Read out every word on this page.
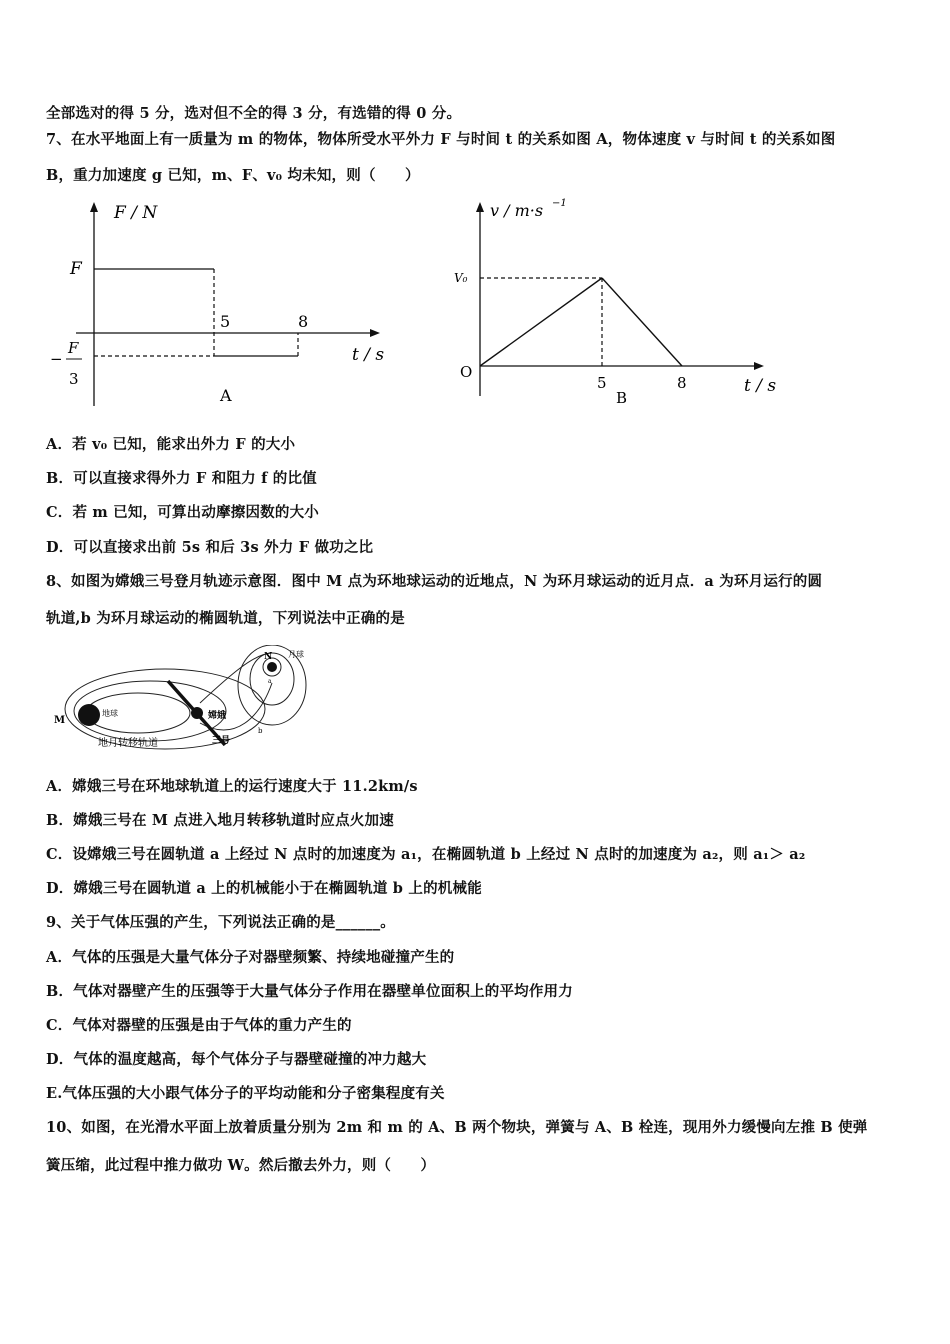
全部选对的得 5 分，选对但不全的得 3 分，有选错的得 0 分。
7、在水平地面上有一质量为 m 的物体，物体所受水平外力 F 与时间 t 的关系如图 A，物体速度 v 与时间 t 的关系如图
B，重力加速度 g 已知，m、F、v₀ 均未知，则（　　）
F / N
F
−
F
3
5	8
t / s
A
v / m·s −1
V₀
O
5	8
B
t / s
A．若 v₀ 已知，能求出外力 F 的大小
B．可以直接求得外力 F 和阻力 f 的比值
C．若 m 已知，可算出动摩擦因数的大小
D．可以直接求出前 5s 和后 3s 外力 F 做功之比
8、如图为嫦娥三号登月轨迹示意图．图中 M 点为环地球运动的近地点，N 为环月球运动的近月点．a 为环月运行的圆
轨道,b 为环月球运动的椭圆轨道，下列说法中正确的是
M
地球
N 月球
a
b
地月转移轨道
嫦娥
三号
A．嫦娥三号在环地球轨道上的运行速度大于 11.2km/s
B．嫦娥三号在 M 点进入地月转移轨道时应点火加速
C．设嫦娥三号在圆轨道 a 上经过 N 点时的加速度为 a₁，在椭圆轨道 b 上经过 N 点时的加速度为 a₂，则 a₁＞ a₂
D．嫦娥三号在圆轨道 a 上的机械能小于在椭圆轨道 b 上的机械能
9、关于气体压强的产生，下列说法正确的是______。
A．气体的压强是大量气体分子对器壁频繁、持续地碰撞产生的
B．气体对器壁产生的压强等于大量气体分子作用在器壁单位面积上的平均作用力
C．气体对器壁的压强是由于气体的重力产生的
D．气体的温度越高，每个气体分子与器壁碰撞的冲力越大
E.气体压强的大小跟气体分子的平均动能和分子密集程度有关
10、如图，在光滑水平面上放着质量分别为 2m 和 m 的 A、B 两个物块，弹簧与 A、B 栓连，现用外力缓慢向左推 B 使弹
簧压缩，此过程中推力做功 W。然后撤去外力，则（　　）
